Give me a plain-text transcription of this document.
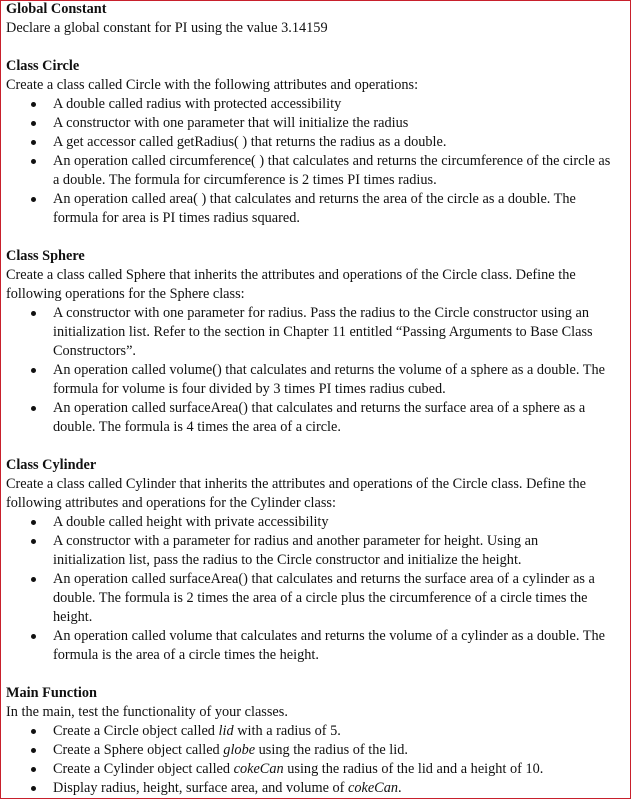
Global Constant
Declare a global constant for PI using the value 3.14159
Class Circle
Create a class called Circle with the following attributes and operations:
A double called radius with protected accessibility
A constructor with one parameter that will initialize the radius
A get accessor called getRadius( ) that returns the radius as a double.
An operation called circumference( ) that calculates and returns the circumference of the circle as
a double. The formula for circumference is 2 times PI times radius.
An operation called area( ) that calculates and returns the area of the circle as a double. The
formula for area is PI times radius squared.
Class Sphere
Create a class called Sphere that inherits the attributes and operations of the Circle class. Define the
following operations for the Sphere class:
A constructor with one parameter for radius. Pass the radius to the Circle constructor using an
initialization list. Refer to the section in Chapter 11 entitled “Passing Arguments to Base Class
Constructors”.
An operation called volume() that calculates and returns the volume of a sphere as a double. The
formula for volume is four divided by 3 times PI times radius cubed.
An operation called surfaceArea() that calculates and returns the surface area of a sphere as a
double. The formula is 4 times the area of a circle.
Class Cylinder
Create a class called Cylinder that inherits the attributes and operations of the Circle class. Define the
following attributes and operations for the Cylinder class:
A double called height with private accessibility
A constructor with a parameter for radius and another parameter for height. Using an
initialization list, pass the radius to the Circle constructor and initialize the height.
An operation called surfaceArea() that calculates and returns the surface area of a cylinder as a
double. The formula is 2 times the area of a circle plus the circumference of a circle times the
height.
An operation called volume that calculates and returns the volume of a cylinder as a double. The
formula is the area of a circle times the height.
Main Function
In the main, test the functionality of your classes.
Create a Circle object called lid with a radius of 5.
Create a Sphere object called globe using the radius of the lid.
Create a Cylinder object called cokeCan using the radius of the lid and a height of 10.
Display radius, height, surface area, and volume of cokeCan.
